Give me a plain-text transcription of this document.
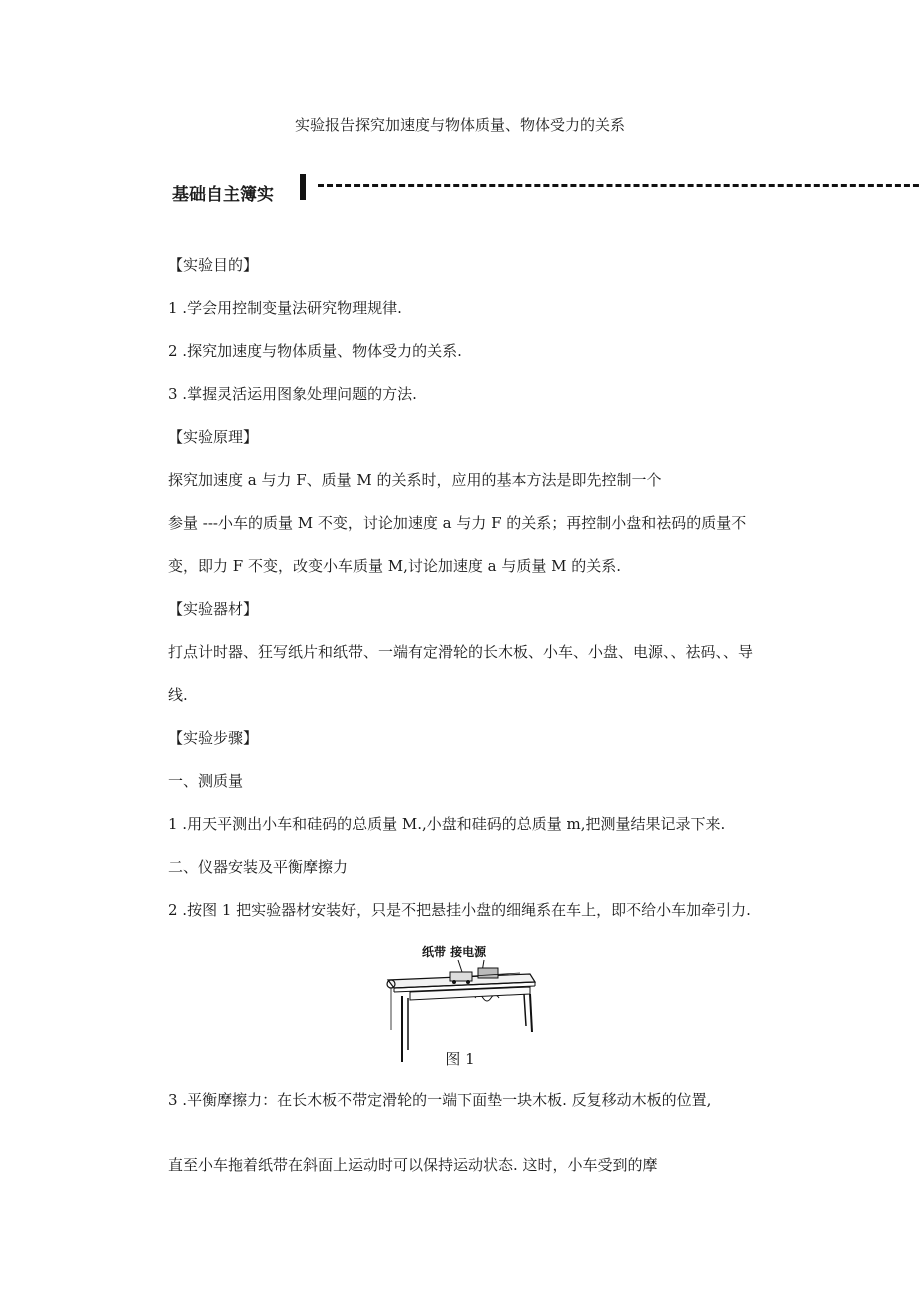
实验报告探究加速度与物体质量、物体受力的关系
基础自主簿实
【实验目的】
1 .学会用控制变量法研究物理规律.
2 .探究加速度与物体质量、物体受力的关系.
3 .掌握灵活运用图象处理问题的方法.
【实验原理】
探究加速度 a 与力 F、质量 M 的关系时，应用的基本方法是即先控制一个
参量 ---小车的质量 M 不变，讨论加速度 a 与力 F 的关系；再控制小盘和祛码的质量不
变，即力 F 不变，改变小车质量 M,讨论加速度 a 与质量 M 的关系.
【实验器材】
打点计时器、狂写纸片和纸带、一端有定滑轮的长木板、小车、小盘、电源、、祛码、、导
线.
【实验步骤】
一、测质量
1 .用天平测出小车和硅码的总质量 M.,小盘和硅码的总质量 m,把测量结果记录下来.
二、仪器安装及平衡摩擦力
2 .按图 1 把实验器材安装好，只是不把悬挂小盘的细绳系在车上，即不给小车加牵引力.
纸带 接电源
图 1
3 .平衡摩擦力：在长木板不带定滑轮的一端下面垫一块木板. 反复移动木板的位置,
直至小车拖着纸带在斜面上运动时可以保持运动状态. 这时，小车受到的摩
